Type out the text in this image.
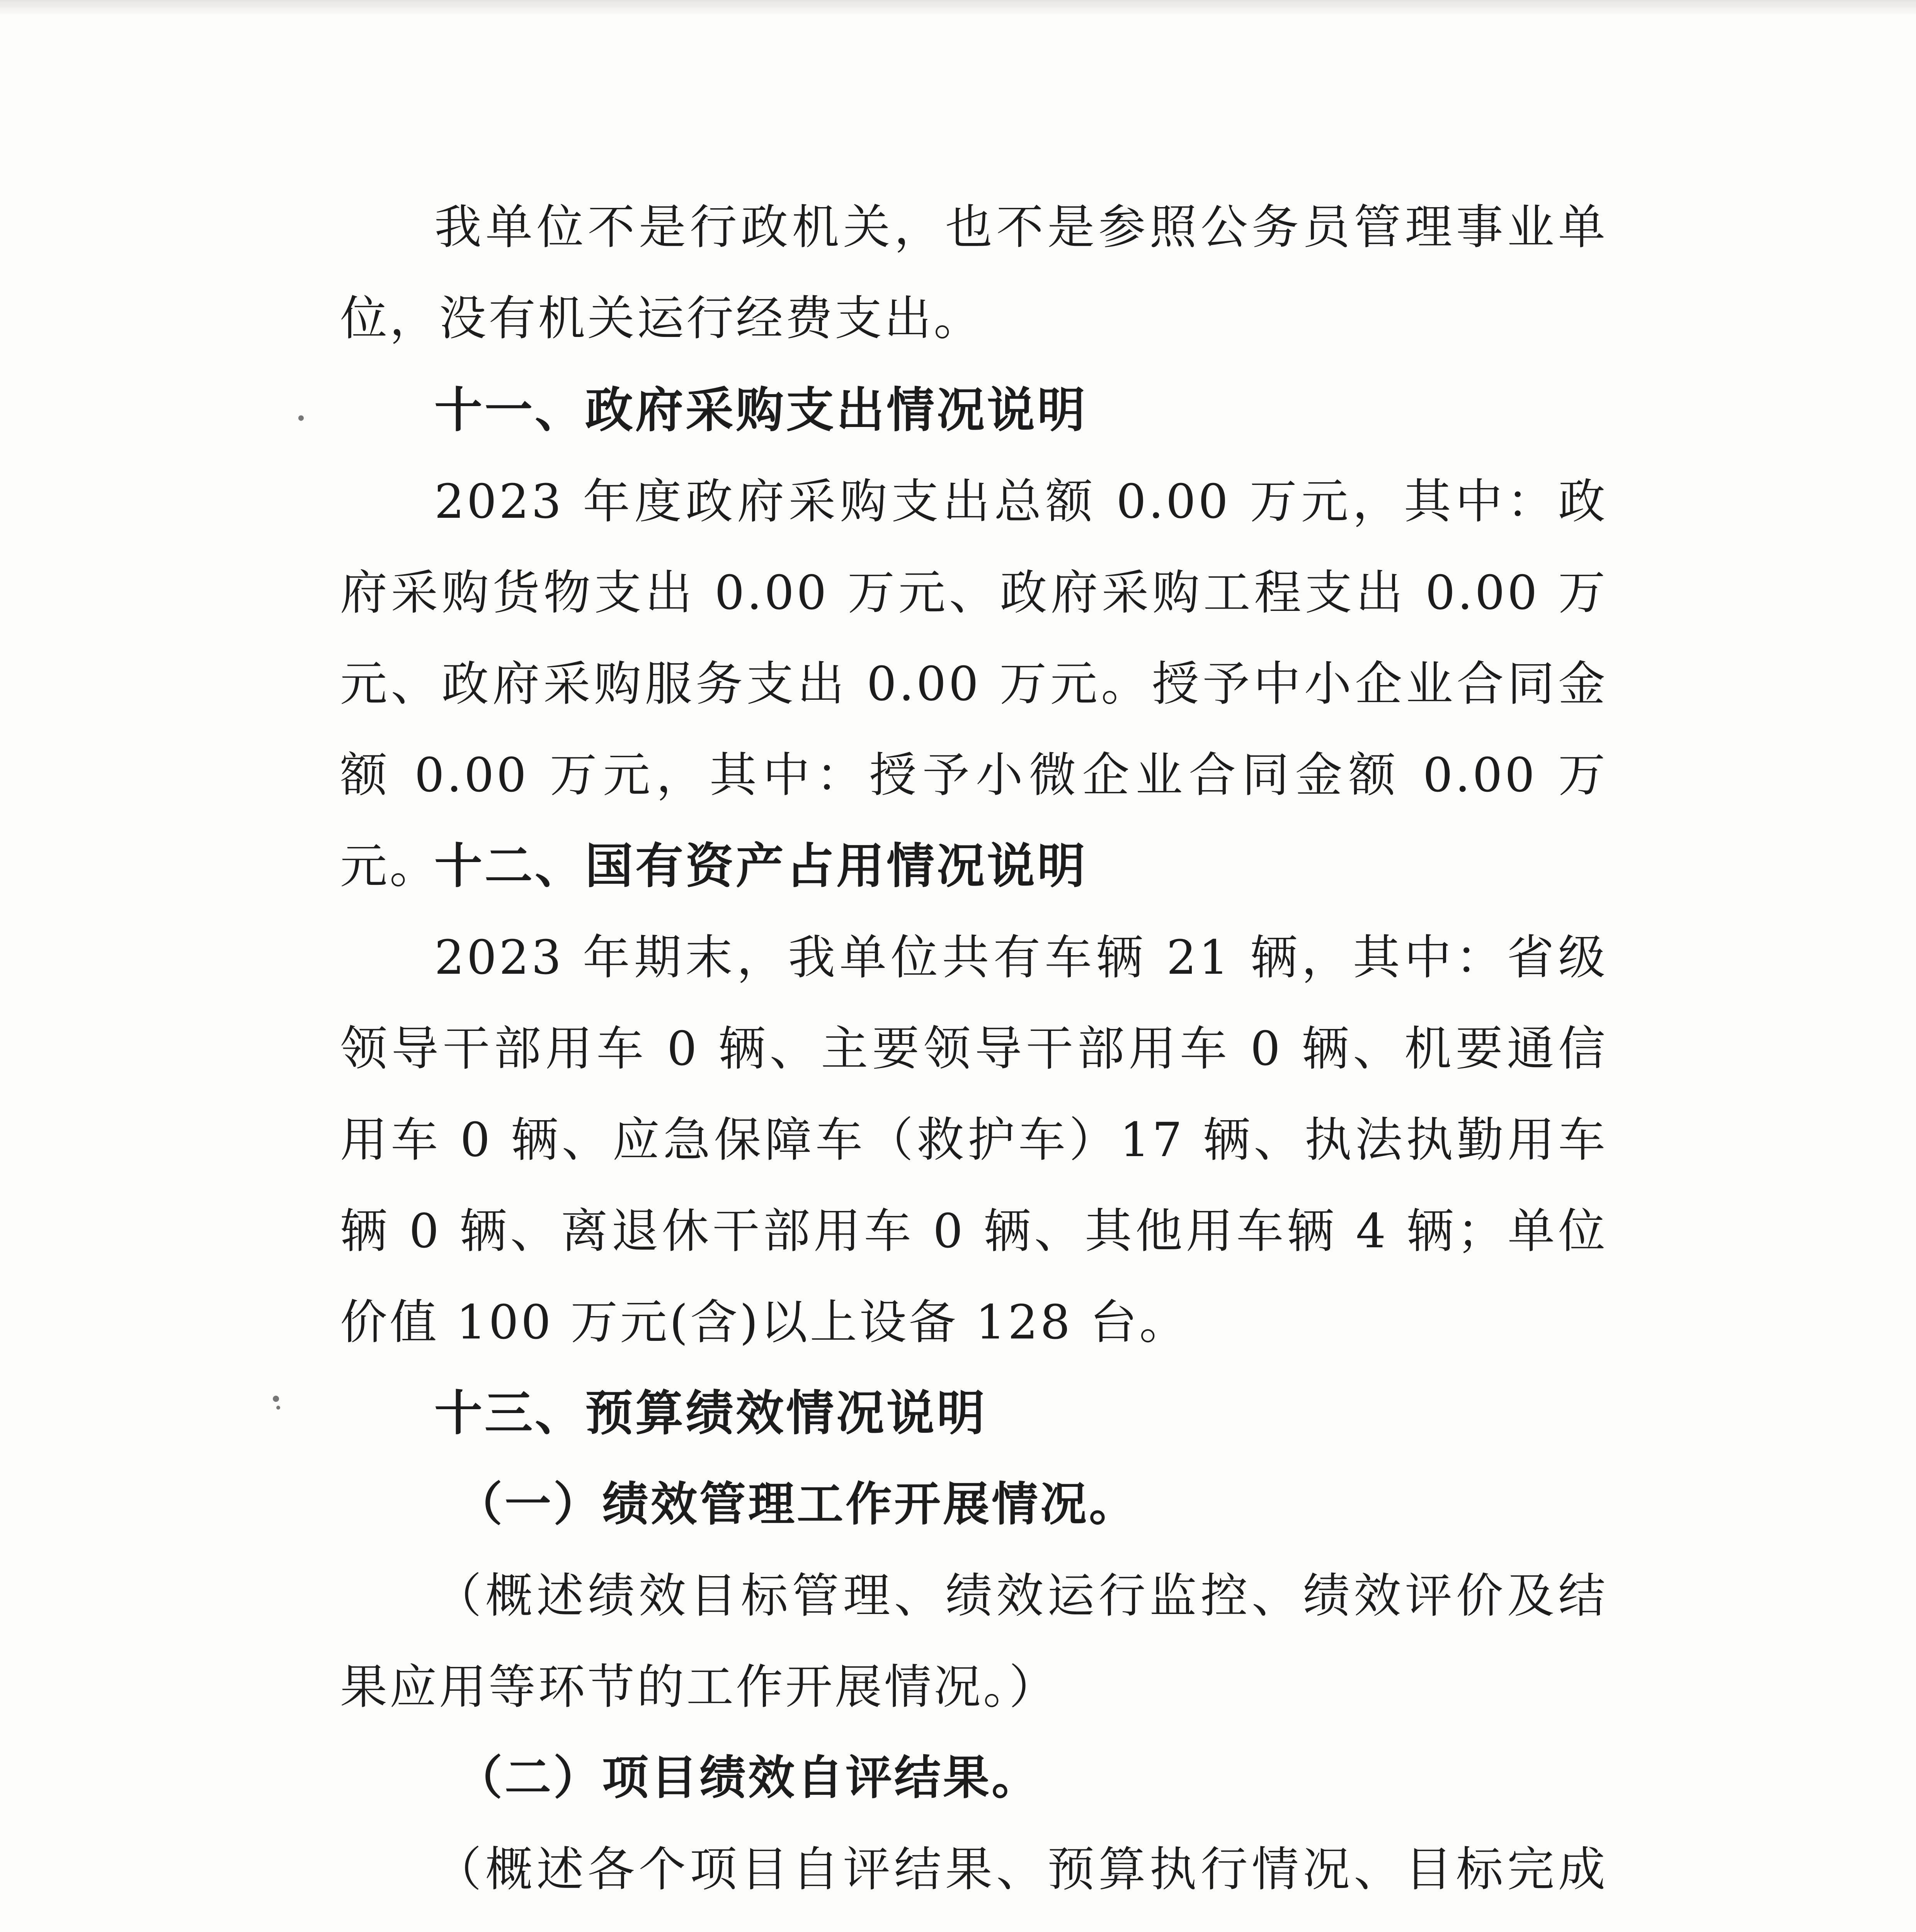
我单位不是行政机关，也不是参照公务员管理事业单位，没有机关运行经费支出。

十一、政府采购支出情况说明

2023 年度政府采购支出总额 0.00 万元，其中：政府采购货物支出 0.00 万元、政府采购工程支出 0.00 万元、政府采购服务支出 0.00 万元。授予中小企业合同金额 0.00 万元，其中：授予小微企业合同金额 0.00 万元。

十二、国有资产占用情况说明

2023 年期末，我单位共有车辆 21 辆，其中：省级领导干部用车 0 辆、主要领导干部用车 0 辆、机要通信用车 0 辆、应急保障车（救护车）17 辆、执法执勤用车辆 0 辆、离退休干部用车 0 辆、其他用车辆 4 辆；单位价值 100 万元(含)以上设备 128 台。

十三、预算绩效情况说明
（一）绩效管理工作开展情况。

（概述绩效目标管理、绩效运行监控、绩效评价及结果应用等环节的工作开展情况。）

（二）项目绩效自评结果。

（概述各个项目自评结果、预算执行情况、目标完成
